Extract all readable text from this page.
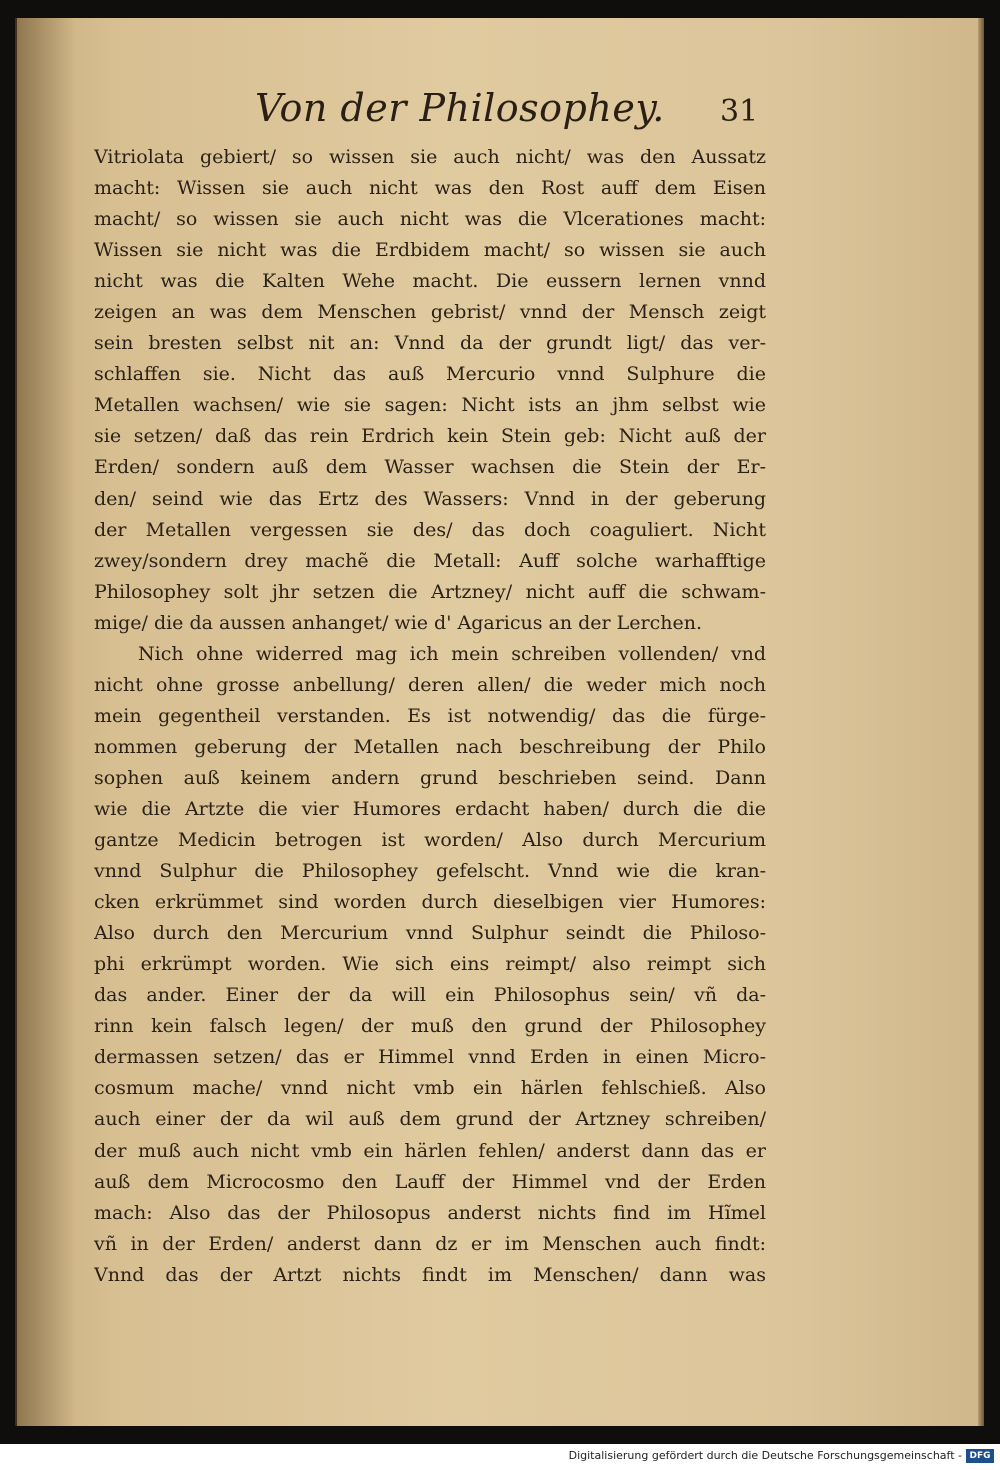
Von der Philosophey. 31
Vitriolata gebiert/ so wissen sie auch nicht/ was den Aussatz
macht: Wissen sie auch nicht was den Rost auff dem Eisen
macht/ so wissen sie auch nicht was die Vlcerationes macht:
Wissen sie nicht was die Erdbidem macht/ so wissen sie auch
nicht was die Kalten Wehe macht. Die eussern lernen vnnd
zeigen an was dem Menschen gebrist/ vnnd der Mensch zeigt
sein bresten selbst nit an: Vnnd da der grundt ligt/ das ver-
schlaffen sie. Nicht das auß Mercurio vnnd Sulphure die
Metallen wachsen/ wie sie sagen: Nicht ists an jhm selbst wie
sie setzen/ daß das rein Erdrich kein Stein geb: Nicht auß der
Erden/ sondern auß dem Wasser wachsen die Stein der Er-
den/ seind wie das Ertz des Wassers: Vnnd in der geberung
der Metallen vergessen sie des/ das doch coaguliert. Nicht
zwey/sondern drey machẽ die Metall: Auff solche warhafftige
Philosophey solt jhr setzen die Artzney/ nicht auff die schwam-
mige/ die da aussen anhanget/ wie d' Agaricus an der Lerchen.
Nich ohne widerred mag ich mein schreiben vollenden/ vnd
nicht ohne grosse anbellung/ deren allen/ die weder mich noch
mein gegentheil verstanden. Es ist notwendig/ das die fürge-
nommen geberung der Metallen nach beschreibung der Philo
sophen auß keinem andern grund beschrieben seind. Dann
wie die Artzte die vier Humores erdacht haben/ durch die die
gantze Medicin betrogen ist worden/ Also durch Mercurium
vnnd Sulphur die Philosophey gefelscht. Vnnd wie die kran-
cken erkrümmet sind worden durch dieselbigen vier Humores:
Also durch den Mercurium vnnd Sulphur seindt die Philoso-
phi erkrümpt worden. Wie sich eins reimpt/ also reimpt sich
das ander. Einer der da will ein Philosophus sein/ vñ da-
rinn kein falsch legen/ der muß den grund der Philosophey
dermassen setzen/ das er Himmel vnnd Erden in einen Micro-
cosmum mache/ vnnd nicht vmb ein härlen fehlschieß. Also
auch einer der da wil auß dem grund der Artzney schreiben/
der muß auch nicht vmb ein härlen fehlen/ anderst dann das er
auß dem Microcosmo den Lauff der Himmel vnd der Erden
mach: Also das der Philosopus anderst nichts find im Hĩmel
vñ in der Erden/ anderst dann dz er im Menschen auch findt:
Vnnd das der Artzt nichts findt im Menschen/ dann was
Digitalisierung gefördert durch die Deutsche Forschungsgemeinschaft - DFG
